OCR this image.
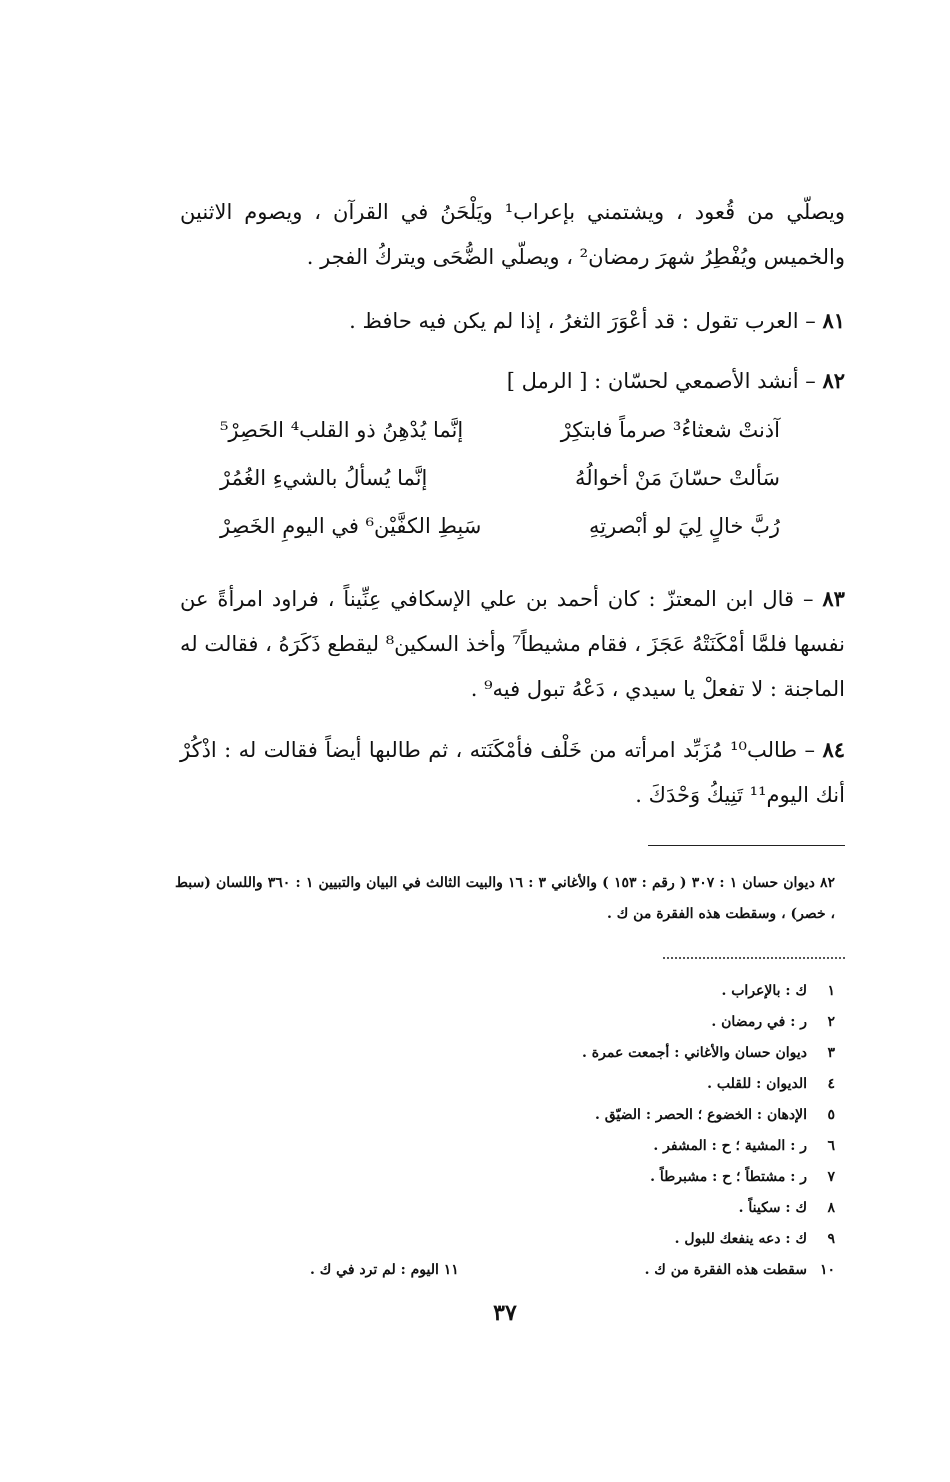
ويصلّي من قُعود ، ويشتمني بإعراب¹ ويَلْحَنُ في القرآن ، ويصوم الاثنين والخميس ويُفْطِرُ شهرَ رمضان² ، ويصلّي الضُّحَى ويتركُ الفجر .
٨١ – العرب تقول : قد أعْوَرَ الثغرُ ، إذا لم يكن فيه حافظ .
٨٢ – أنشد الأصمعي لحسّان : [ الرمل ]
آذنتْ شعثاءُ³ صرماً فابتكِرْ
إنَّما يُدْهِنُ ذو القلب⁴ الحَصِرْ⁵
سَألتْ حسّانَ مَنْ أخوالُهُ
إنَّما يُسألُ بالشيءِ الغُمُرْ
رُبَّ خالٍ لِيَ لو أبْصرتِهِ
سَبِطِ الكفَّيْن⁶ في اليومِ الخَصِرْ
٨٣ – قال ابن المعتزّ : كان أحمد بن علي الإسكافي عِنِّيناً ، فراود امرأةً عن نفسها فلمَّا أمْكَنَتْهُ عَجَزَ ، فقام مشيطاً⁷ وأخذ السكين⁸ ليقطع ذَكَرَهُ ، فقالت له الماجنة : لا تفعلْ يا سيدي ، دَعْهُ تبول فيه⁹ .
٨٤ – طالب¹⁰ مُزَبِّد امرأته من خَلْف فأمْكَنَته ، ثم طالبها أيضاً فقالت له : اذْكُرْ أنك اليوم¹¹ تَنِيكُ وَحْدَكَ .
٨٢ ديوان حسان ١ : ٣٠٧ ( رقم : ١٥٣ ) والأغاني ٣ : ١٦ والبيت الثالث في البيان والتبيين ١ : ٣٦٠ واللسان (سبط ، خصر) ، وسقطت هذه الفقرة من ك .
١ك : بالإعراب .
٢ر : في رمضان .
٣ديوان حسان والأغاني : أجمعت عمرة .
٤الديوان : للقلب .
٥الإدهان : الخضوع ؛ الحصر : الضيّق .
٦ر : المشية ؛ ح : المشفر .
٧ر : مشتطاً ؛ ح : مشبرطاً .
٨ك : سكيناً .
٩ك : دعه ينفعك للبول .
١٠سقطت هذه الفقرة من ك .
١١ اليوم : لم ترد في ك .
٣٧
